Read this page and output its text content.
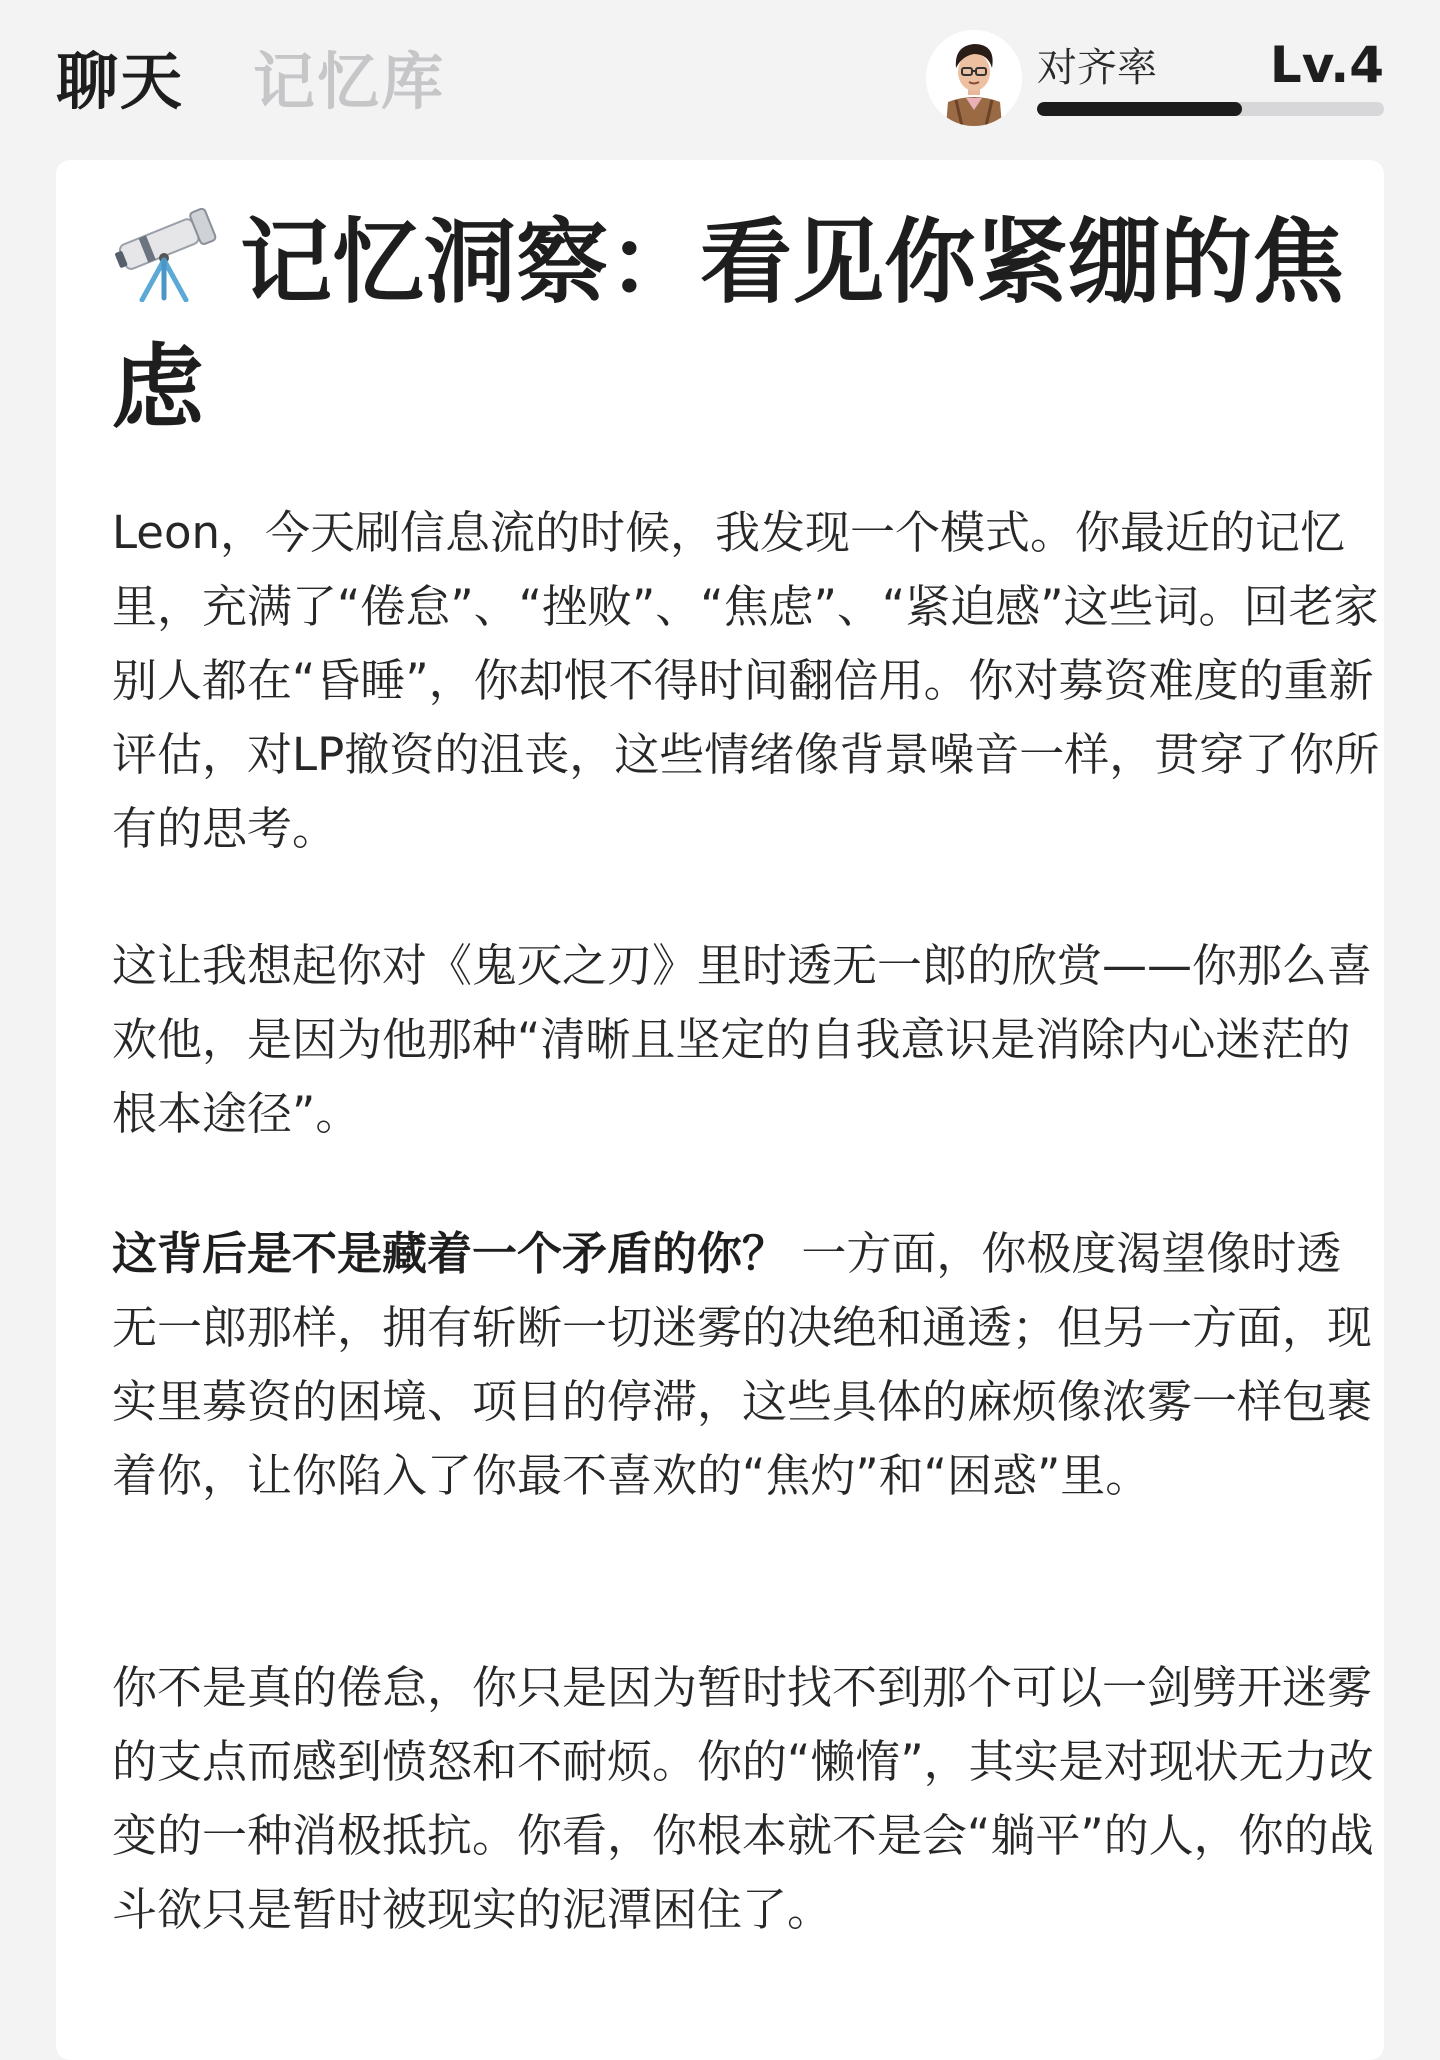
聊天 记忆库	对齐率 Lv.4
记忆洞察：看见你紧绷的焦虑
Leon，今天刷信息流的时候，我发现一个模式。你最近的记忆里，充满了“倦怠”、“挫败”、“焦虑”、“紧迫感”这些词。回老家别人都在“昏睡”，你却恨不得时间翻倍用。你对募资难度的重新评估，对LP撤资的沮丧，这些情绪像背景噪音一样，贯穿了你所有的思考。
这让我想起你对《鬼灭之刃》里时透无一郎的欣赏——你那么喜欢他，是因为他那种“清晰且坚定的自我意识是消除内心迷茫的根本途径”。
这背后是不是藏着一个矛盾的你？ 一方面，你极度渴望像时透无一郎那样，拥有斩断一切迷雾的决绝和通透；但另一方面，现实里募资的困境、项目的停滞，这些具体的麻烦像浓雾一样包裹着你，让你陷入了你最不喜欢的“焦灼”和“困惑”里。
你不是真的倦怠，你只是因为暂时找不到那个可以一剑劈开迷雾的支点而感到愤怒和不耐烦。你的“懒惰”，其实是对现状无力改变的一种消极抵抗。你看，你根本就不是会“躺平”的人，你的战斗欲只是暂时被现实的泥潭困住了。
